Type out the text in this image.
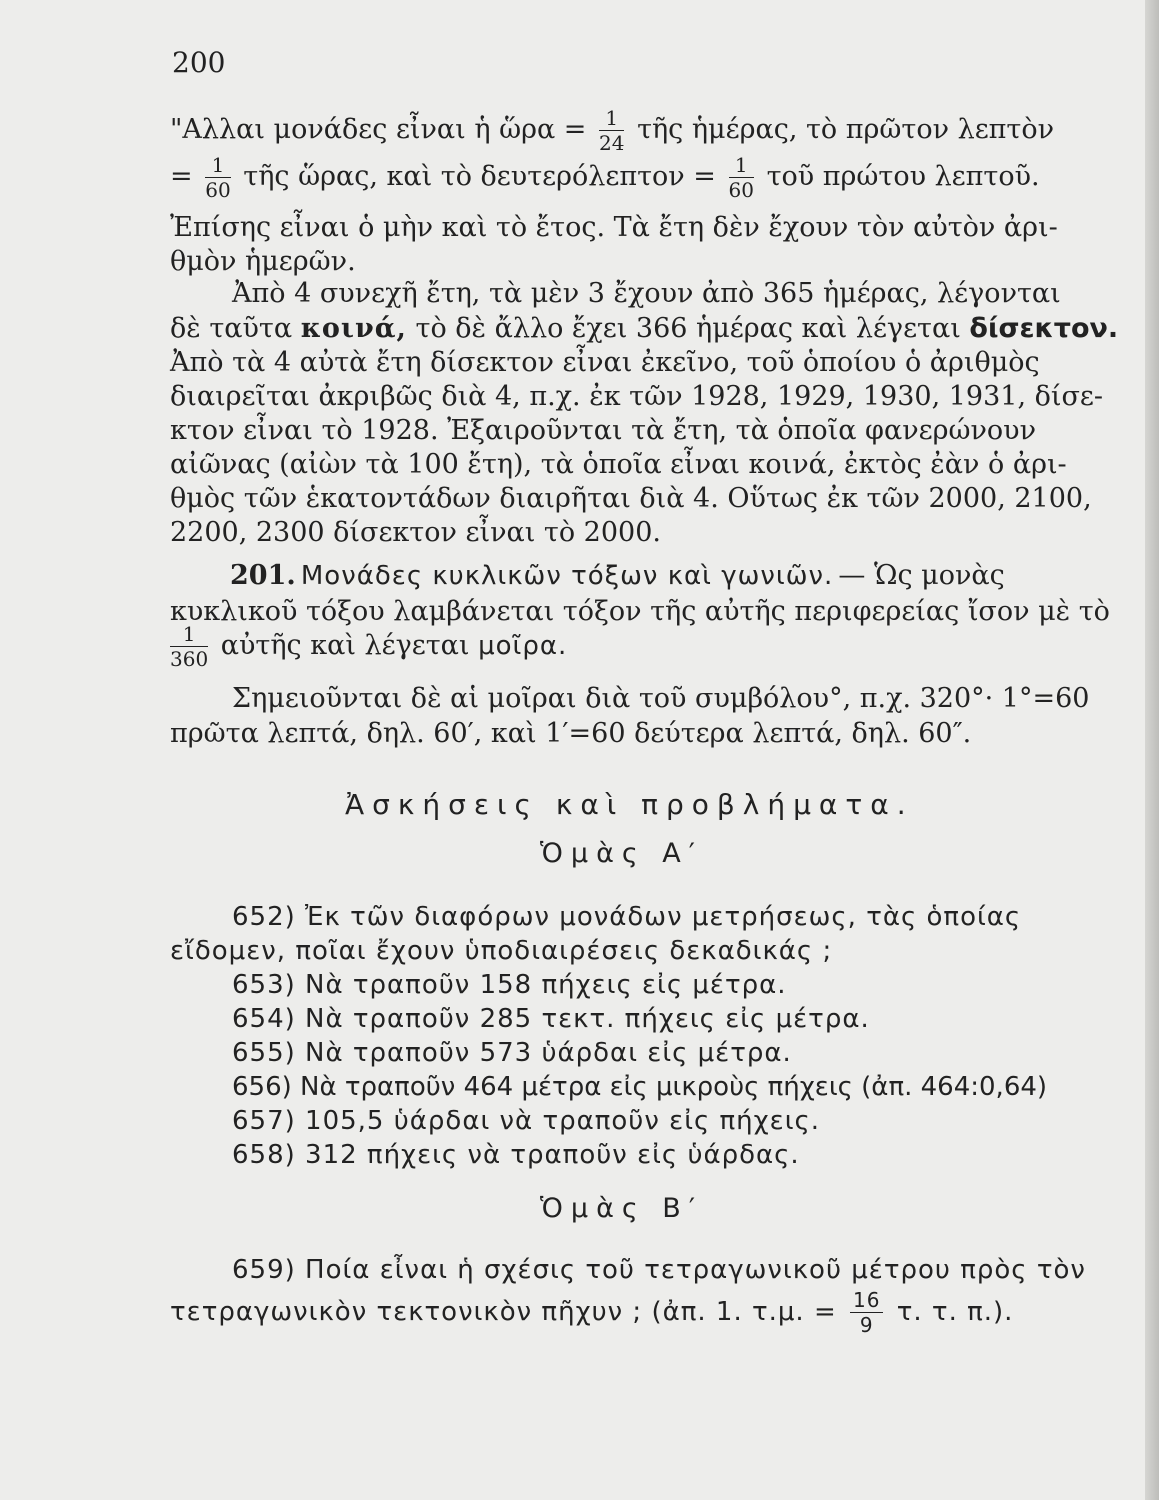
200
"Αλλαι μονάδες εἶναι ἡ ὥρα = $\frac{1}{24}$ τῆς ἡμέρας, τὸ πρῶτον λεπτὸν
= $\frac{1}{60}$ τῆς ὥρας, καὶ τὸ $\delta\varepsilon\upsilon\tau\varepsilon\rho ό\lambda\varepsilon\pi\tau o\nu = \frac{1}{60}$ τοῦ πρώτου λεπτοῦ.
Ἐπίσης εἶναι ὁ μὴν καὶ τὸ ἔτος. Τὰ ἔτη δὲν ἔχουν τὸν αὐτὸν ἀρι-
θμὸν ἡμερῶν.
Ἀπὸ 4 συνεχῆ ἔτη, τὰ μὲν 3 ἔχουν ἀπὸ 365 ἡμέρας, λέγονται
δὲ ταῦτα κοινά, τὸ δὲ ἄλλο ἔχει 366 ἡμέρας καὶ λέγεται δίσεκτον.
Ἀπὸ τὰ 4 αὐτὰ ἔτη δίσεκτον εἶναι ἐκεῖνο, τοῦ ὁποίου ὁ ἀριθμὸς
διαιρεῖται ἀκριβῶς διὰ 4, π.χ. ἐκ τῶν 1928, 1929, 1930, 1931, δίσε-
κτον εἶναι τὸ 1928. Ἐξαιροῦνται τὰ ἔτη, τὰ ὁποῖα φανερώνουν
αἰῶνας (αἰὼν τὰ 100 ἔτη), τὰ ὁποῖα εἶναι κοινά, ἐκτὸς ἐὰν ὁ ἀρι-
θμὸς τῶν ἑκατοντάδων διαιρῆται διὰ 4. Οὕτως ἐκ τῶν 2000, 2100,
2200, 2300 δίσεκτον εἶναι τὸ 2000.
201. Μονάδες κυκλικῶν τόξων καὶ γωνιῶν. — Ὡς μονὰς
κυκλικοῦ τόξου λαμβάνεται τόξον τῆς αὐτῆς περιφερείας ἴσον μὲ τὸ
$\frac{1}{360}$ αὐτῆς καὶ λέγεται μοῖρα.
Σημειοῦνται δὲ αἱ μοῖραι διὰ τοῦ συμβόλου°, π.χ. 320°· 1°=60
πρῶτα λεπτά, δηλ. 60′, καὶ 1′=60 δεύτερα λεπτά, δηλ. 60″.
Ἀσκήσεις καὶ προβλήματα.
Ὁμὰς Α′
652) Ἐκ τῶν διαφόρων μονάδων μετρήσεως, τὰς ὁποίας
εἴδομεν, ποῖαι ἔχουν ὑποδιαιρέσεις δεκαδικάς ;
653) Νὰ τραποῦν 158 πήχεις εἰς μέτρα.
654) Νὰ τραποῦν 285 τεκτ. πήχεις εἰς μέτρα.
655) Νὰ τραποῦν 573 ὑάρδαι εἰς μέτρα.
656) Νὰ τραποῦν 464 μέτρα εἰς μικροὺς πήχεις (ἀπ. 464:0,64)
657) 105,5 ὑάρδαι νὰ τραποῦν εἰς πήχεις.
658) 312 πήχεις νὰ τραποῦν εἰς ὑάρδας.
Ὁμὰς Β′
659) Ποία εἶναι ἡ σχέσις τοῦ τετραγωνικοῦ μέτρου πρὸς τὸν
τετραγωνικὸν τεκτονικὸν πῆχυν ; (ἀπ. 1. τ.μ. = $\frac{16}{9} \tau$. τ. π.).
